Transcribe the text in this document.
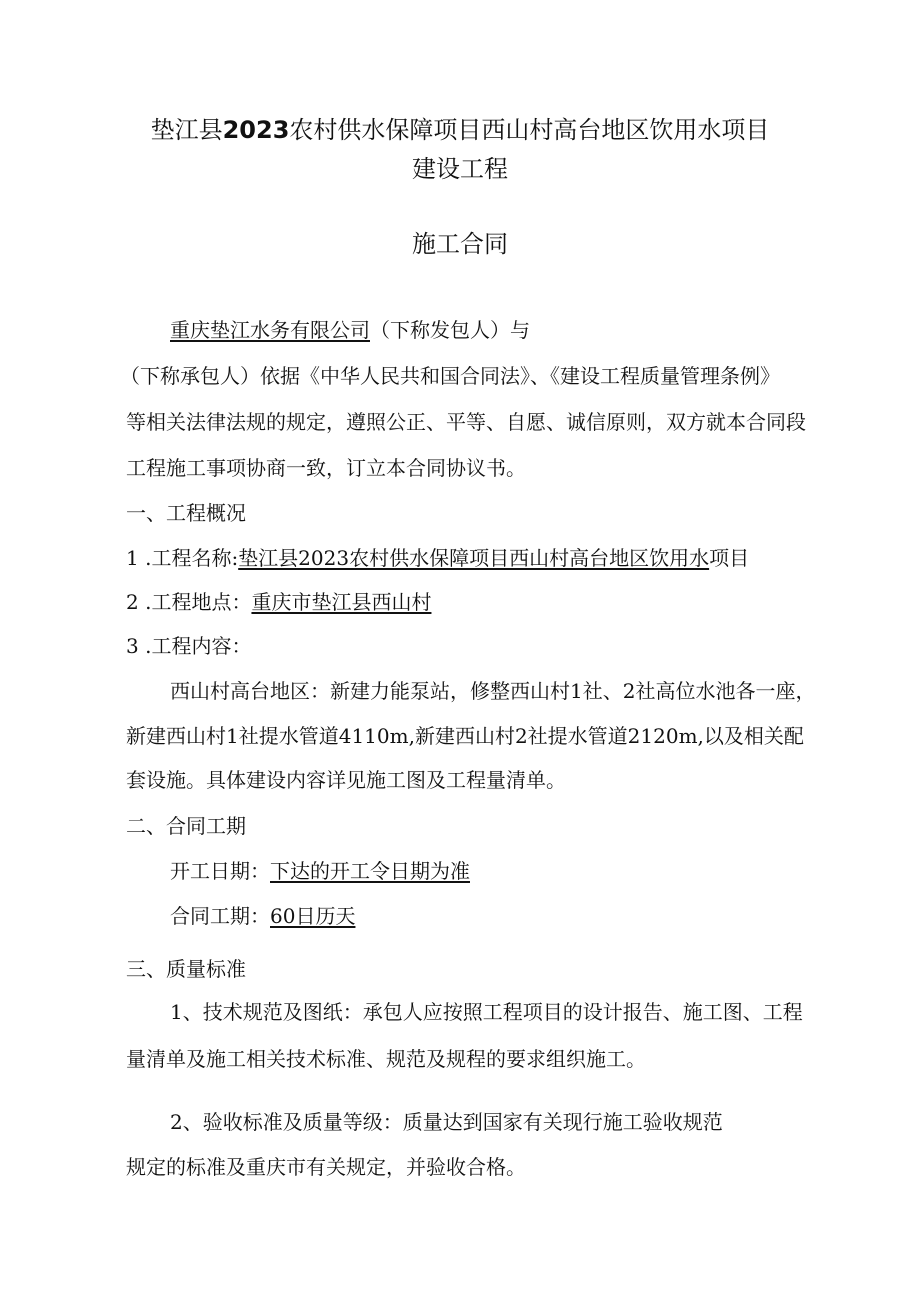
垫江县2023农村供水保障项目西山村高台地区饮用水项目
建设工程
施工合同
重庆垫江水务有限公司（下称发包人）与
（下称承包人）依据《中华人民共和国合同法》、《建设工程质量管理条例》
等相关法律法规的规定，遵照公正、平等、自愿、诚信原则，双方就本合同段
工程施工事项协商一致，订立本合同协议书。
一、工程概况
1 .工程名称:垫江县2023农村供水保障项目西山村高台地区饮用水项目
2 .工程地点：重庆市垫江县西山村
3 .工程内容：
西山村高台地区：新建力能泵站，修整西山村1社、2社高位水池各一座，
新建西山村1社提水管道4110m,新建西山村2社提水管道2120m,以及相关配
套设施。具体建设内容详见施工图及工程量清单。
二、合同工期
开工日期：下达的开工令日期为准
合同工期：60日历天
三、质量标准
1、技术规范及图纸：承包人应按照工程项目的设计报告、施工图、工程
量清单及施工相关技术标准、规范及规程的要求组织施工。
2、验收标准及质量等级：质量达到国家有关现行施工验收规范
规定的标准及重庆市有关规定，并验收合格。
